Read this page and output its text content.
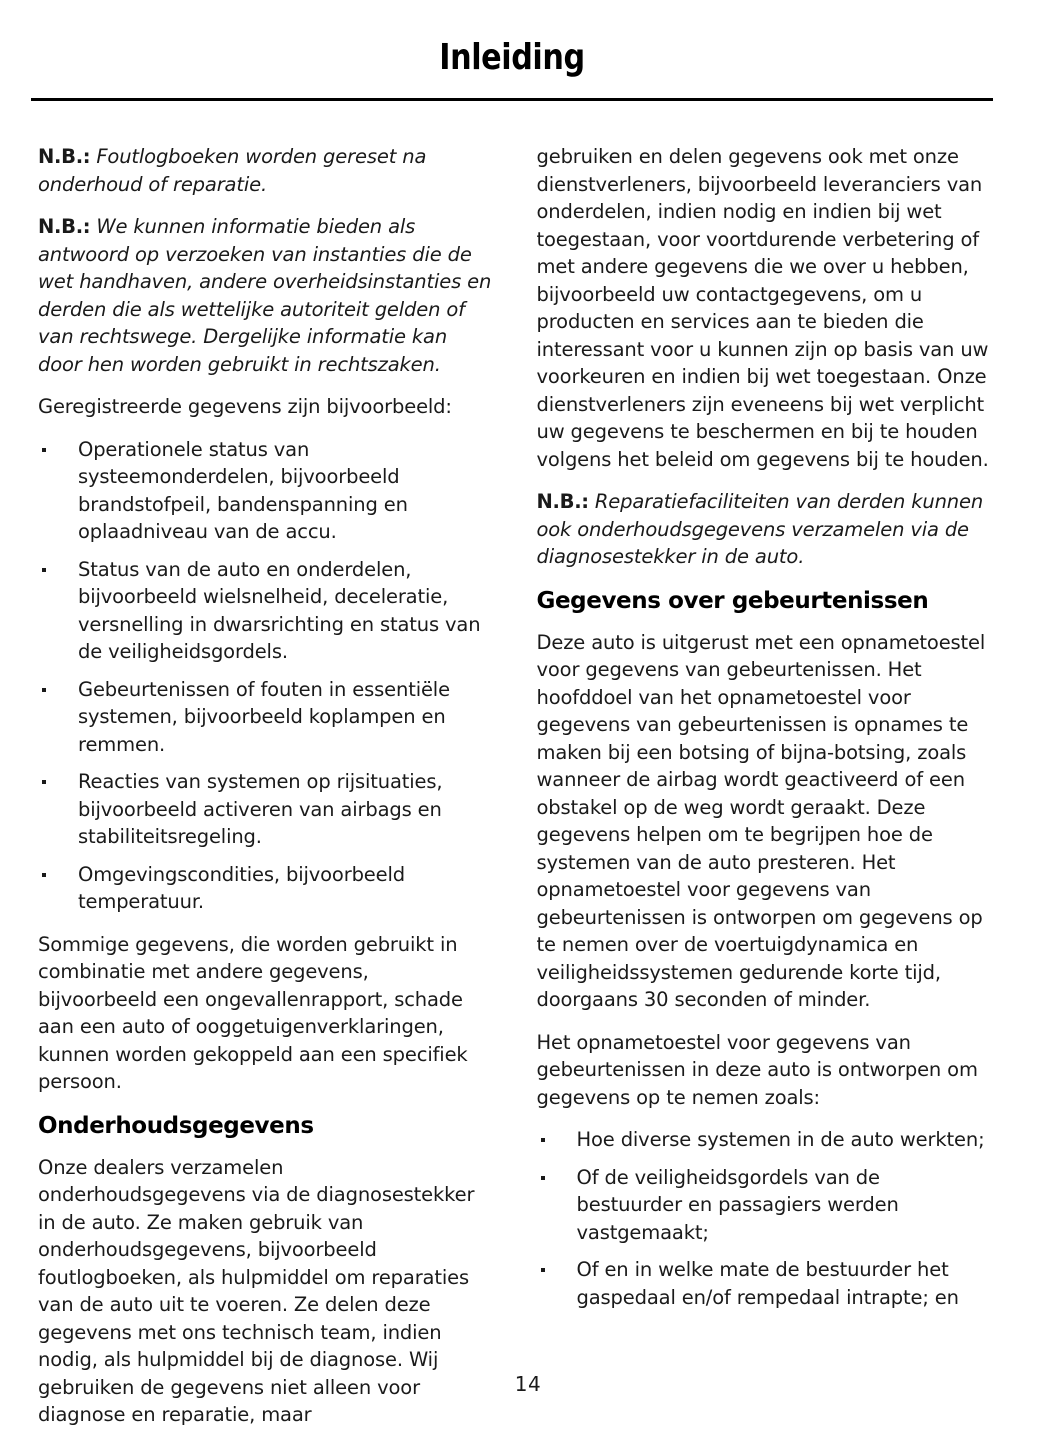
Inleiding

N.B.: Foutlogboeken worden gereset na onderhoud of reparatie.

N.B.: We kunnen informatie bieden als antwoord op verzoeken van instanties die de wet handhaven, andere overheidsinstanties en derden die als wettelijke autoriteit gelden of van rechtswege. Dergelijke informatie kan door hen worden gebruikt in rechtszaken.

Geregistreerde gegevens zijn bijvoorbeeld:

Operationele status van systeemonderdelen, bijvoorbeeld brandstofpeil, bandenspanning en oplaadniveau van de accu.
Status van de auto en onderdelen, bijvoorbeeld wielsnelheid, deceleratie, versnelling in dwarsrichting en status van de veiligheidsgordels.
Gebeurtenissen of fouten in essentiële systemen, bijvoorbeeld koplampen en remmen.
Reacties van systemen op rijsituaties, bijvoorbeeld activeren van airbags en stabiliteitsregeling.
Omgevingscondities, bijvoorbeeld temperatuur.

Sommige gegevens, die worden gebruikt in combinatie met andere gegevens, bijvoorbeeld een ongevallenrapport, schade aan een auto of ooggetuigenverklaringen, kunnen worden gekoppeld aan een specifiek persoon.

Onderhoudsgegevens

Onze dealers verzamelen onderhoudsgegevens via de diagnosestekker in de auto. Ze maken gebruik van onderhoudsgegevens, bijvoorbeeld foutlogboeken, als hulpmiddel om reparaties van de auto uit te voeren. Ze delen deze gegevens met ons technisch team, indien nodig, als hulpmiddel bij de diagnose. Wij gebruiken de gegevens niet alleen voor diagnose en reparatie, maar

gebruiken en delen gegevens ook met onze dienstverleners, bijvoorbeeld leveranciers van onderdelen, indien nodig en indien bij wet toegestaan, voor voortdurende verbetering of met andere gegevens die we over u hebben, bijvoorbeeld uw contactgegevens, om u producten en services aan te bieden die interessant voor u kunnen zijn op basis van uw voorkeuren en indien bij wet toegestaan. Onze dienstverleners zijn eveneens bij wet verplicht uw gegevens te beschermen en bij te houden volgens het beleid om gegevens bij te houden.

N.B.: Reparatiefaciliteiten van derden kunnen ook onderhoudsgegevens verzamelen via de diagnosestekker in de auto.

Gegevens over gebeurtenissen

Deze auto is uitgerust met een opnametoestel voor gegevens van gebeurtenissen. Het hoofddoel van het opnametoestel voor gegevens van gebeurtenissen is opnames te maken bij een botsing of bijna-botsing, zoals wanneer de airbag wordt geactiveerd of een obstakel op de weg wordt geraakt. Deze gegevens helpen om te begrijpen hoe de systemen van de auto presteren. Het opnametoestel voor gegevens van gebeurtenissen is ontworpen om gegevens op te nemen over de voertuigdynamica en veiligheidssystemen gedurende korte tijd, doorgaans 30 seconden of minder.

Het opnametoestel voor gegevens van gebeurtenissen in deze auto is ontworpen om gegevens op te nemen zoals:

Hoe diverse systemen in de auto werkten;
Of de veiligheidsgordels van de bestuurder en passagiers werden vastgemaakt;
Of en in welke mate de bestuurder het gaspedaal en/of rempedaal intrapte; en
14
